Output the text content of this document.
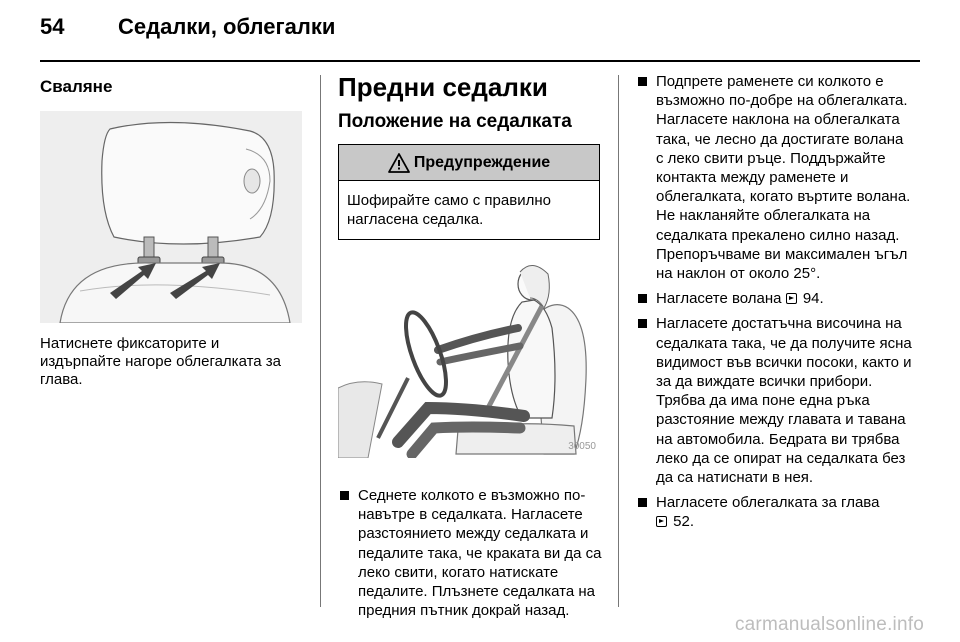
54 Седалки, облегалки
Сваляне
Натиснете фиксаторите и издърпайте нагоре облегалката за глава.
Предни седалки
Положение на седалката
Предупреждение
Шофирайте само с правилно нагласена седалка.
30050
Седнете колкото е възможно по-навътре в седалката. Нагласете разстоянието между седалката и педалите така, че краката ви да са леко свити, когато натискате педалите. Плъзнете седалката на предния пътник докрай назад.
Подпрете раменете си колкото е възможно по-добре на облегалката. Нагласете наклона на облегалката така, че лесно да достигате волана с леко свити ръце. Поддържайте контакта между раменете и облегалката, когато въртите волана. Не накланяйте облегалката на седалката прекалено силно назад. Препоръчваме ви максимален ъгъл на наклон от около 25°.
Нагласете волана  94.
Нагласете достатъчна височина на седалката така, че да получите ясна видимост във всички посоки, както и за да виждате всички прибори. Трябва да има поне една ръка разстояние между главата и тавана на автомобила. Бедрата ви трябва леко да се опират на седалката без да са натиснати в нея.
Нагласете облегалката за глава
52.
carmanualsonline.info
